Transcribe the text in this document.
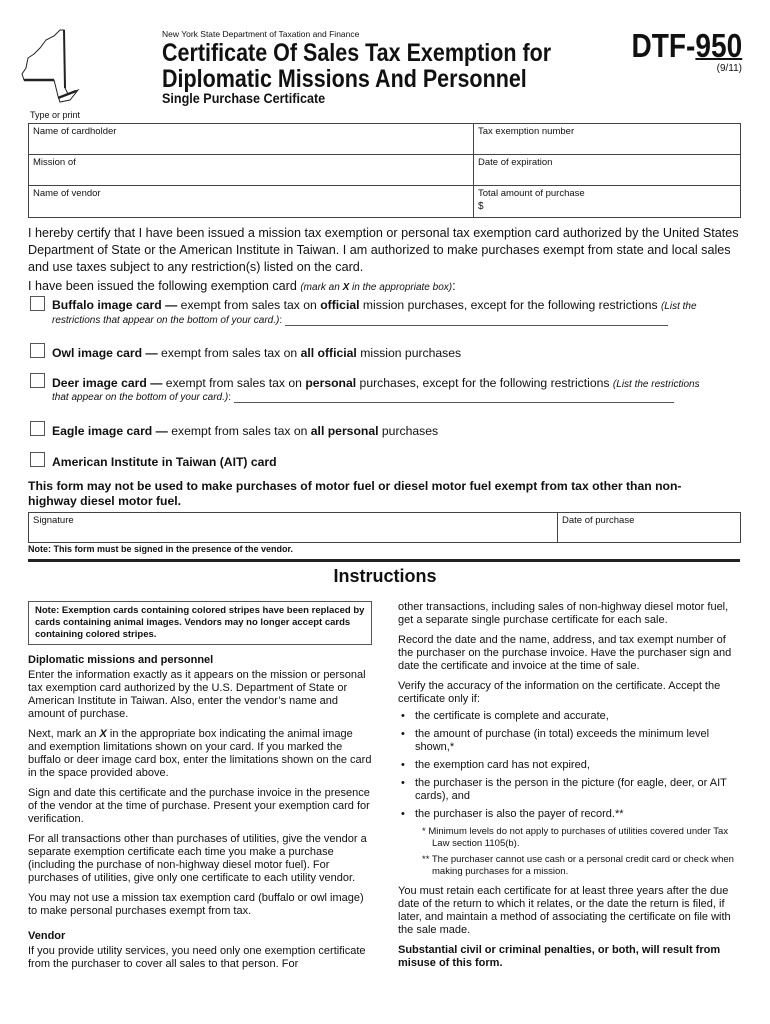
New York State Department of Taxation and Finance
Certificate Of Sales Tax Exemption for
Diplomatic Missions And Personnel
DTF-950
(9/11)
Single Purchase Certificate
Type or print
Name of cardholder	Tax exemption number

Mission of	Date of expiration

Name of vendor	Total amount of purchase
$
I hereby certify that I have been issued a mission tax exemption or personal tax exemption card authorized by the United States Department of State or the American Institute in Taiwan. I am authorized to make purchases exempt from state and local sales and use taxes subject to any restriction(s) listed on the card.
I have been issued the following exemption card (mark an X in the appropriate box):
Buffalo image card — exempt from sales tax on official mission purchases, except for the following restrictions (List the
restrictions that appear on the bottom of your card.):
Owl image card — exempt from sales tax on all official mission purchases
Deer image card — exempt from sales tax on personal purchases, except for the following restrictions (List the restrictions
that appear on the bottom of your card.):
Eagle image card — exempt from sales tax on all personal purchases
American Institute in Taiwan (AIT) card
This form may not be used to make purchases of motor fuel or diesel motor fuel exempt from tax other than non-highway diesel motor fuel.
Signature	Date of purchase
Note: This form must be signed in the presence of the vendor.
Instructions
Note: Exemption cards containing colored stripes have been replaced by cards containing animal images. Vendors may no longer accept cards containing colored stripes.
Diplomatic missions and personnel

Enter the information exactly as it appears on the mission or personal tax exemption card authorized by the U.S. Department of State or American Institute in Taiwan. Also, enter the vendor’s name and amount of purchase.

Next, mark an X in the appropriate box indicating the animal image and exemption limitations shown on your card. If you marked the buffalo or deer image card box, enter the limitations shown on the card in the space provided above.

Sign and date this certificate and the purchase invoice in the presence of the vendor at the time of purchase. Present your exemption card for verification.

For all transactions other than purchases of utilities, give the vendor a separate exemption certificate each time you make a purchase (including the purchase of non-highway diesel motor fuel). For purchases of utilities, give only one certificate to each utility vendor.

You may not use a mission tax exemption card (buffalo or owl image) to make personal purchases exempt from tax.

Vendor

If you provide utility services, you need only one exemption certificate from the purchaser to cover all sales to that person. For

other transactions, including sales of non-highway diesel motor fuel, get a separate single purchase certificate for each sale.

Record the date and the name, address, and tax exempt number of the purchaser on the purchase invoice. Have the purchaser sign and date the certificate and invoice at the time of sale.

Verify the accuracy of the information on the certificate. Accept the certificate only if:

• the certificate is complete and accurate,
• the amount of purchase (in total) exceeds the minimum level shown,*
• the exemption card has not expired,
• the purchaser is the person in the picture (for eagle, deer, or AIT cards), and
• the purchaser is also the payer of record.**
* Minimum levels do not apply to purchases of utilities covered under Tax Law section 1105(b).
** The purchaser cannot use cash or a personal credit card or check when making purchases for a mission.

You must retain each certificate for at least three years after the due date of the return to which it relates, or the date the return is filed, if later, and maintain a method of associating the certificate on file with the sale made.

Substantial civil or criminal penalties, or both, will result from misuse of this form.
